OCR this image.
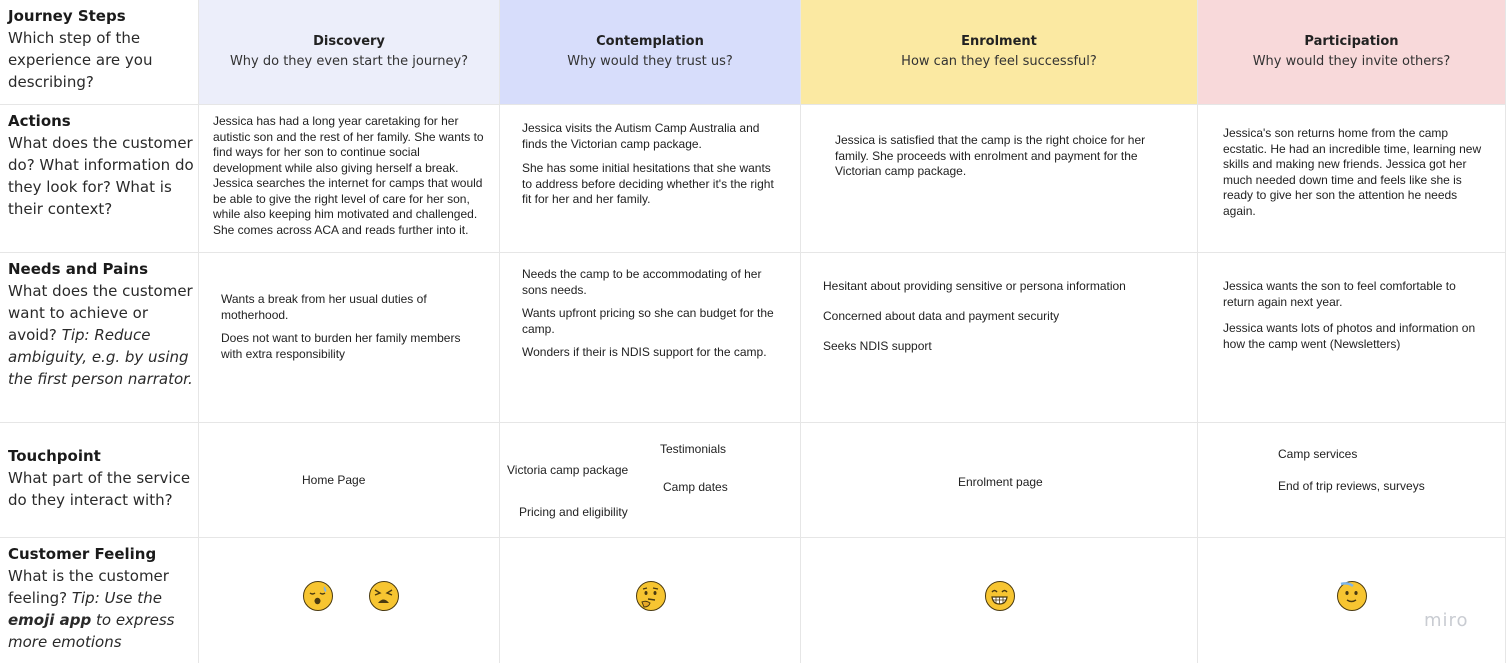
Journey Steps
Which step of the experience are you describing?
Actions
What does the customer do? What information do they look for? What is their context?
Needs and Pains
What does the customer want to achieve or avoid? Tip: Reduce ambiguity, e.g. by using the first person narrator.
Touchpoint
What part of the service do they interact with?
Customer Feeling
What is the customer feeling? Tip: Use the emoji app to express more emotions
Discovery
Why do they even start the journey?
Contemplation
Why would they trust us?
Enrolment
How can they feel successful?
Participation
Why would they invite others?

Jessica has had a long year caretaking for her autistic son and the rest of her family. She wants to find ways for her son to continue social development while also giving herself a break. Jessica searches the internet for camps that would be able to give the right level of care for her son, while also keeping him motivated and challenged. She comes across ACA and reads further into it.

Jessica visits the Autism Camp Australia and finds the Victorian camp package.

She has some initial hesitations that she wants to address before deciding whether it's the right fit for her and her family.

Jessica is satisfied that the camp is the right choice for her family. She proceeds with enrolment and payment for the Victorian camp package.

Jessica's son returns home from the camp ecstatic. He had an incredible time, learning new skills and making new friends. Jessica got her much needed down time and feels like she is ready to give her son the attention he needs again.

Wants a break from her usual duties of motherhood.

Does not want to burden her family members with extra responsibility

Needs the camp to be accommodating of her sons needs.

Wants upfront pricing so she can budget for the camp.

Wonders if their is NDIS support for the camp.

Hesitant about providing sensitive or persona information

Concerned about data and payment security

Seeks NDIS support

Jessica wants the son to feel comfortable to return again next year.

Jessica wants lots of photos and information on how the camp went (Newsletters)

Home Page
Testimonials
Victoria camp package
Camp dates
Pricing and eligibility
Enrolment page
Camp services
End of trip reviews, surveys
miro
